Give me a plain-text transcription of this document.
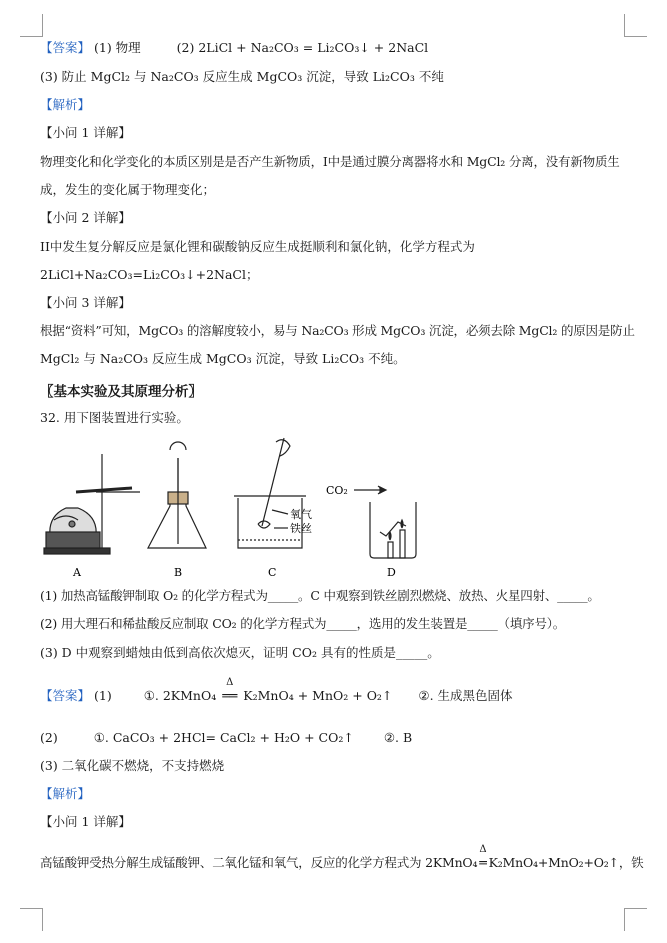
【答案】 (1) 物理	(2) 2LiCl + Na₂CO₃ = Li₂CO₃↓ + 2NaCl
(3) 防止 MgCl₂ 与 Na₂CO₃ 反应生成 MgCO₃ 沉淀，导致 Li₂CO₃ 不纯
【解析】
【小问 1 详解】
物理变化和化学变化的本质区别是是否产生新物质，I中是通过膜分离器将水和 MgCl₂ 分离，没有新物质生
成，发生的变化属于物理变化；
【小问 2 详解】
II中发生复分解反应是氯化锂和碳酸钠反应生成挺顺利和氯化钠，化学方程式为
2LiCl+Na₂CO₃=Li₂CO₃↓+2NaCl；
【小问 3 详解】
根据“资料”可知，MgCO₃ 的溶解度较小，易与 Na₂CO₃ 形成 MgCO₃ 沉淀，必须去除 MgCl₂ 的原因是防止
MgCl₂ 与 Na₂CO₃ 反应生成 MgCO₃ 沉淀，导致 Li₂CO₃ 不纯。
〖基本实验及其原理分析〗
32. 用下图装置进行实验。
A	B
氧气
铁丝
C
CO₂
D
(1) 加热高锰酸钾制取 O₂ 的化学方程式为_____。C 中观察到铁丝剧烈燃烧、放热、火星四射、_____。
(2) 用大理石和稀盐酸反应制取 CO₂ 的化学方程式为_____，选用的发生装置是_____（填序号）。
(3) D 中观察到蜡烛由低到高依次熄灭，证明 CO₂ 具有的性质是_____。
【答案】 (1)	①. 2KMnO₄
Δ
══ K₂MnO₄ + MnO₂ + O₂↑ ②. 生成黑色固体
(2)	①. CaCO₃ + 2HCl= CaCl₂ + H₂O + CO₂↑ ②. B
(3) 二氧化碳不燃烧，不支持燃烧
【解析】
【小问 1 详解】
高锰酸钾受热分解生成锰酸钾、二氧化锰和氧气，反应的化学方程式为 2KMnO₄
Δ
═ K₂MnO₄+MnO₂+O₂↑，铁
